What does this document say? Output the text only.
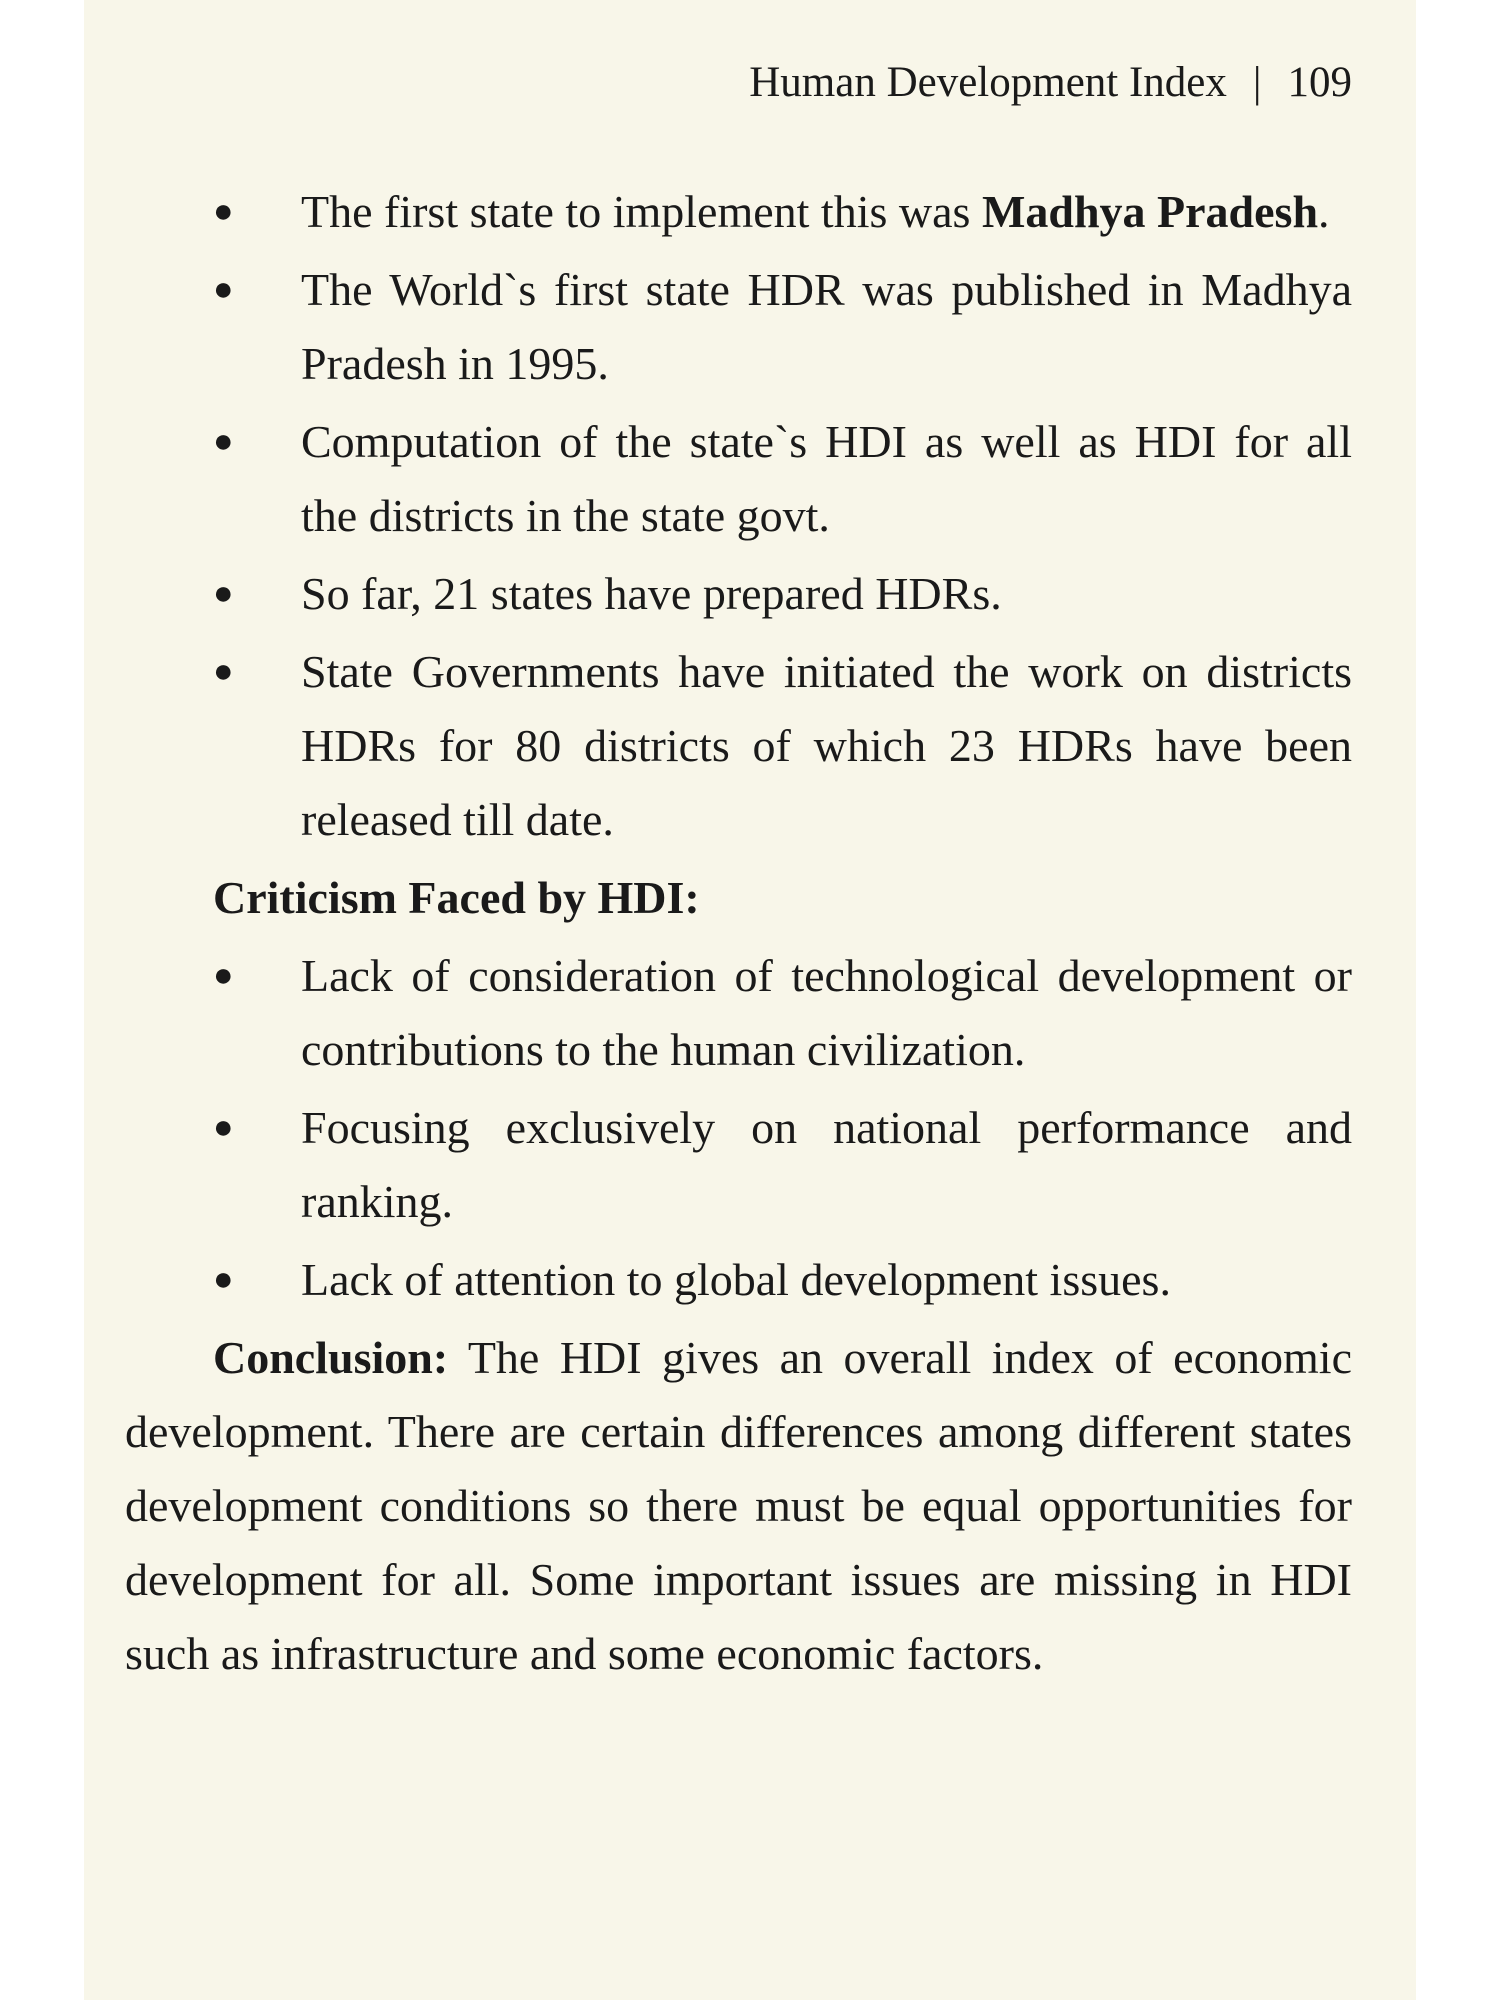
Human Development Index | 109
● The first state to implement this was Madhya Pradesh.
● The World`s first state HDR was published in Madhya Pradesh in 1995.
● Computation of the state`s HDI as well as HDI for all the districts in the state govt.
● So far, 21 states have prepared HDRs.
● State Governments have initiated the work on districts HDRs for 80 districts of which 23 HDRs have been released till date.
Criticism Faced by HDI:
● Lack of consideration of technological development or contributions to the human civilization.
● Focusing exclusively on national performance and ranking.
● Lack of attention to global development issues.

Conclusion: The HDI gives an overall index of economic development. There are certain differences among different states development conditions so there must be equal opportunities for development for all. Some important issues are missing in HDI such as infrastructure and some economic factors.
